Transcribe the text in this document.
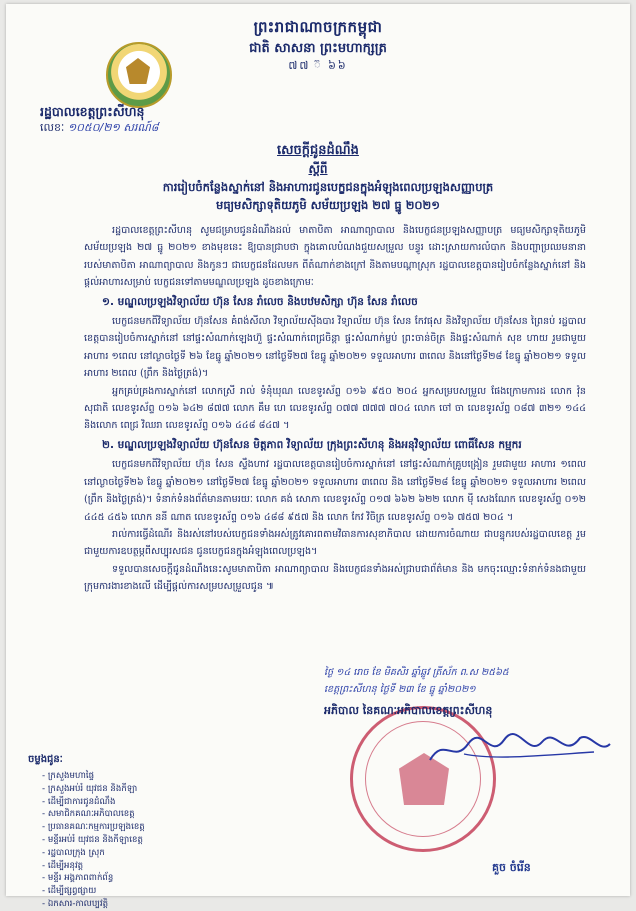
ព្រះរាជាណាចក្រកម្ពុជា
ជាតិ សាសនា ព្រះមហាក្សត្រ
៧៧ ៊ ៦៦
រដ្ឋបាលខេត្តព្រះសីហនុ
លេខៈ ១០៥០/២១ សរណ៍៨
សេចក្តីជូនដំណឹង
ស្តីពី
ការរៀបចំកន្លែងស្នាក់នៅ និងអាហារជូនបេក្ខជនក្នុងអំឡុងពេលប្រឡងសញ្ញាបត្រ
មធ្យមសិក្សាទុតិយភូមិ សម័យប្រឡង ២៧ ធ្នូ ២០២១

រដ្ឋបាលខេត្តព្រះសីហនុ សូមជម្រាបជូនដំណឹងដល់ មាតាបិតា អាណាព្យាបាល និងបេក្ខជនប្រឡងសញ្ញាបត្រ មធ្យមសិក្សាទុតិយភូមិ សម័យប្រឡង ២៧ ធ្នូ ២០២១ ខាងមុខនេះ ឱ្យបានជ្រាបថា ក្នុងគោលបំណងជួយសម្រួល បន្ធូរ ដោះស្រាយការលំបាក និងបញ្ហាប្រឈមនានារបស់មាតាបិតា អាណាព្យាបាល និងកូនៗ ជាបេក្ខជនដែលមក ពីតំណាក់ខាងក្រៅ និងតាមបណ្តាស្រុក រដ្ឋបាលខេត្តបានរៀបចំកន្លែងស្នាក់នៅ និងផ្តល់អាហារសម្រាប់ បេក្ខជនទៅតាមមណ្ឌលប្រឡង ដូចខាងក្រោមៈ

១. មណ្ឌលប្រឡងវិទ្យាល័យ ហ៊ុន សែន រាំលេច និងបឋមសិក្សា ហ៊ុន សែន រាំលេច

បេក្ខជនមកពីវិទ្យាល័យ ហ៊ុនសែន គំពង់សីលា វិទ្យាល័យស៊ីងបារ វិទ្យាល័យ ហ៊ុន សែន កែវផុស និងវិទ្យាល័យ ហ៊ុនសែន ព្រៃនប់ រដ្ឋបាលខេត្តបានរៀបចំការស្នាក់នៅ នៅផ្ទះសំណាក់ឡេងហ៊ួ ផ្ទះសំណាក់ពេជ្រចិន្តា ផ្ទះសំណាក់ម្លប់ ព្រះចាន់ចិត្រ និងផ្ទះសំណាក់ សុខ ហាយ រួមជាមួយ អាហារ ១ពេល នៅល្ងាចថ្ងៃទី ២៦ ខែធ្នូ ឆ្នាំ២០២១ នៅថ្ងៃទី២៧ ខែធ្នូ ឆ្នាំ២០២១ ទទួលអាហារ ៣ពេល និងនៅថ្ងៃទី២៨ ខែធ្នូ ឆ្នាំ២០២១ ទទួលអាហារ ២ពេល (ព្រឹក និងថ្ងៃត្រង់)។

អ្នកគ្រប់គ្រងការស្នាក់នៅ លោកស្រី រាល់ ទំនុំឃុណ លេខទូរស័ព្ទ ០១៦ ៩៥០ ២០៤ អ្នកសម្របសម្រួល ផែងក្រោមការដ លោក វ៉ុន សុជាតិ លេខទូរស័ព្ទ ០១៦ ៦៤២ ៨៧៧ លោក គឹម ហេ លេខទូរស័ព្ទ ០៧៧ ៧៧៧ ៧០៤ លោក ចៅ ចា លេខទូរស័ព្ទ ០៨៧ ៣២១ ១៤៤ និងលោក ពេជ្រ វិឈរា លេខទូរស័ព្ទ ០១៦ ៤៤៨ ៨៤៧ ។

២. មណ្ឌលប្រឡងវិទ្យាល័យ ហ៊ុនសែន មិត្តភាព វិទ្យាល័យ ក្រុងព្រះសីហនុ និងអនុវិទ្យាល័យ ពោធិ៍សែន កម្មករ

បេក្ខជនមកពីវិទ្យាល័យ ហ៊ុន សែន ស្ទឹងហាវ រដ្ឋបាលខេត្តបានរៀបចំការស្នាក់នៅ នៅផ្ទះសំណាក់គ្រូបង្រៀន រួមជាមួយ អាហារ ១ពេល នៅល្ងាចថ្ងៃទី២៦ ខែធ្នូ ឆ្នាំ២០២១ នៅថ្ងៃទី២៧ ខែធ្នូ ឆ្នាំ២០២១ ទទួលអាហារ ៣ពេល និង នៅថ្ងៃទី២៨ ខែធ្នូ ឆ្នាំ២០២១ ទទួលអាហារ ២ពេល (ព្រឹក និងថ្ងៃត្រង់)។ ទំនាក់ទំនងព័ត៌មានតាមរយៈ លោក គង់ សោភា លេខទូរស័ព្ទ ០១៧ ៦៦២ ៦២២ លោក ម៉ី សេងណែក លេខទូរស័ព្ទ ០១២ ៤៤៥ ៤៥៦ លោក ននី ណាត លេខទូរស័ព្ទ ០១៦ ៤៨៨ ៩៥៧ និង លោក កែវ វិចិត្រ លេខទូរស័ព្ទ ០១៦ ៧៥៧ ២០៤ ។

រាល់ការធ្វើដំណើរ និងរស់នៅរបស់បេក្ខជនទាំងអស់ត្រូវគោរពតាមវិធានការសុខាភិបាល ដោយការចំណាយ ជាបន្ទុករបស់រដ្ឋបាលខេត្ត រួមជាមួយការឧបត្ថម្ភពីសប្បុរសជន ជូនបេក្ខជនក្នុងអំឡុងពេលប្រឡង។

ទទួលបានសេចក្តីជូនដំណឹងនេះសូមមាតាបិតា អាណាព្យាបាល និងបេក្ខជនទាំងអស់ជ្រាបជាព័ត៌មាន និង មកចុះឈ្មោះទំនាក់ទំនងជាមួយក្រុមការងារខាងលើ ដើម្បីផ្តល់ការសម្របសម្រួលជូន ៕

ថ្ងៃ ១៤ រោច ខែ មិគសិរ ឆ្នាំឆ្លូវ ត្រីស័ក ព.ស ២៥៦៥
ខេត្តព្រះសីហនុ ថ្ងៃទី ២៣ ខែ ធ្នូ ឆ្នាំ២០២១
អភិបាល នៃគណៈអភិបាលខេត្តព្រះសីហនុ
គួច ចំរើន
ចម្លងជូនៈ
- ក្រសួងមហាផ្ទៃ
- ក្រសួងអប់រំ យុវជន និងកីឡា
- ដើម្បីជាការជូនដំណឹង
- សមាជិកគណៈអភិបាលខេត្ត
- ប្រធានគណៈកម្មការប្រឡងខេត្ត
- មន្ទីរអប់រំ យុវជន និងកីឡាខេត្ត
- រដ្ឋបាលក្រុង ស្រុក
- ដើម្បីអនុវត្ត
- មន្ទីរ អង្គភាពពាក់ព័ន្ធ
- ដើម្បីផ្សព្វផ្សាយ
- ឯកសារ-កាលប្បវត្តិ
